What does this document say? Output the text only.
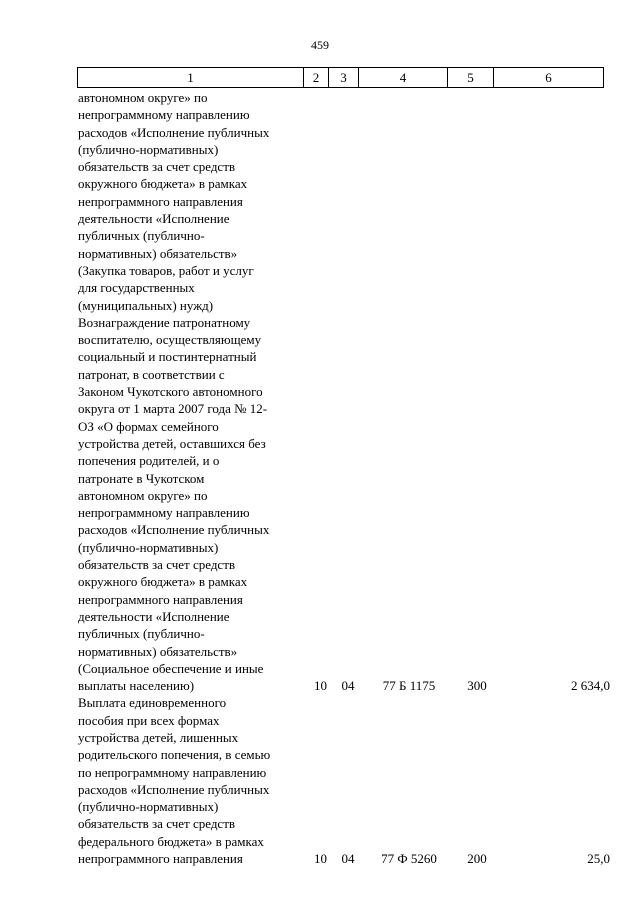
459
1	2	3	4	5	6
автономном округе» по
непрограммному направлению
расходов «Исполнение публичных
(публично-нормативных)
обязательств за счет средств
окружного бюджета» в рамках
непрограммного направления
деятельности «Исполнение
публичных (публично-
нормативных) обязательств»
(Закупка товаров, работ и услуг
для государственных
(муниципальных) нужд)
Вознаграждение патронатному
воспитателю, осуществляющему
социальный и постинтернатный
патронат, в соответствии с
Законом Чукотского автономного
округа от 1 марта 2007 года № 12-
ОЗ «О формах семейного
устройства детей, оставшихся без
попечения родителей, и о
патронате в Чукотском
автономном округе» по
непрограммному направлению
расходов «Исполнение публичных
(публично-нормативных)
обязательств за счет средств
окружного бюджета» в рамках
непрограммного направления
деятельности «Исполнение
публичных (публично-
нормативных) обязательств»
(Социальное обеспечение и иные
выплаты населению)	10	04	77 Б 1175	300	2 634,0
Выплата единовременного
пособия при всех формах
устройства детей, лишенных
родительского попечения, в семью
по непрограммному направлению
расходов «Исполнение публичных
(публично-нормативных)
обязательств за счет средств
федерального бюджета» в рамках
непрограммного направления	10	04	77 Ф 5260	200	25,0
